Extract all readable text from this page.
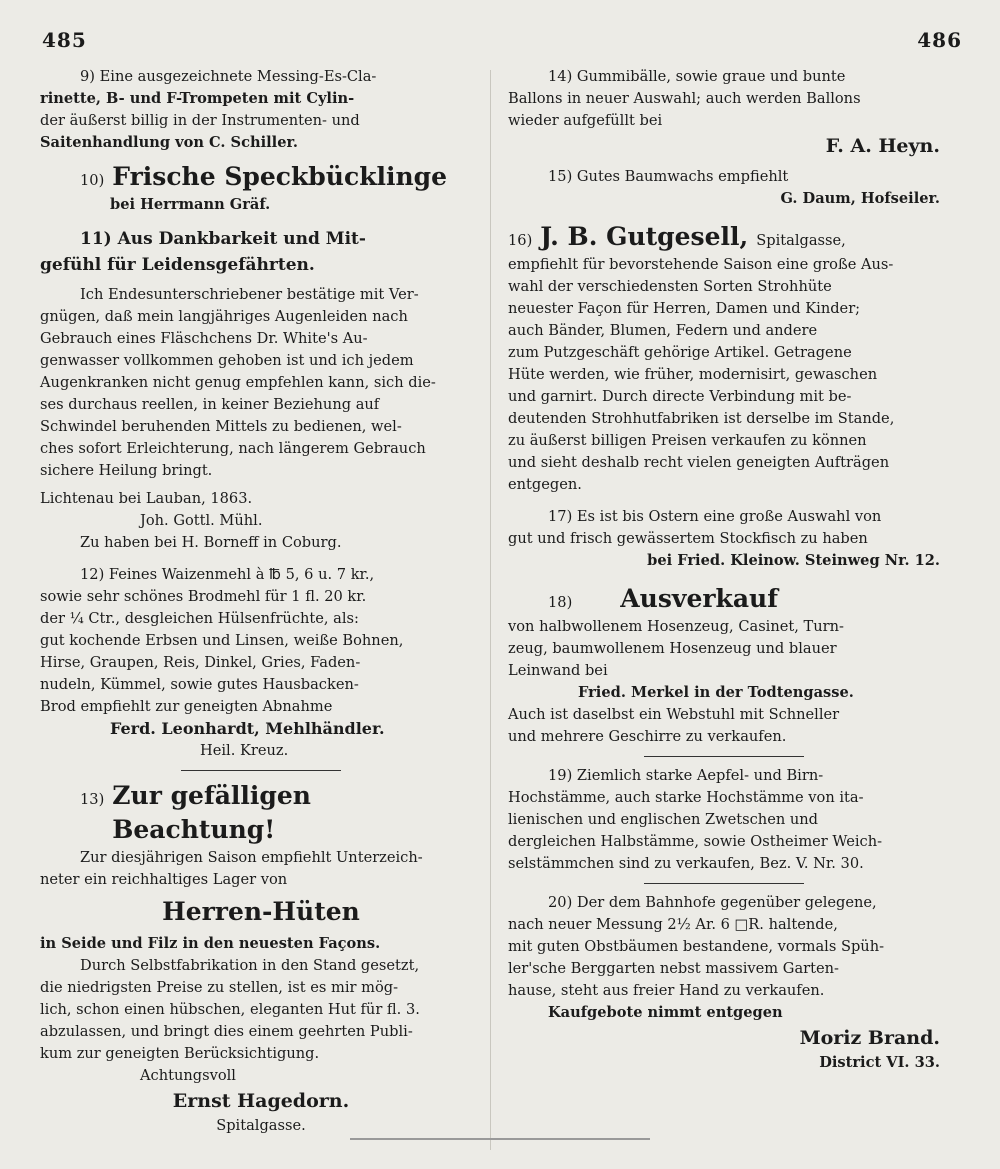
485	486

9) Eine ausgezeichnete Messing-Es-Cla-

rinette, B- und F-Trompeten mit Cylin-

der äußerst billig in der Instrumenten- und

Saitenhandlung von C. Schiller.

10) Frische Speckbücklinge

bei Herrmann Gräf.

11) Aus Dankbarkeit und Mit-

gefühl für Leidensgefährten.

Ich Endesunterschriebener bestätige mit Ver-

gnügen, daß mein langjähriges Augenleiden nach

Gebrauch eines Fläschchens Dr. White's Au-

genwasser vollkommen gehoben ist und ich jedem

Augenkranken nicht genug empfehlen kann, sich die-

ses durchaus reellen, in keiner Beziehung auf

Schwindel beruhenden Mittels zu bedienen, wel-

ches sofort Erleichterung, nach längerem Gebrauch

sichere Heilung bringt.

Lichtenau bei Lauban, 1863.

Joh. Gottl. Mühl.

Zu haben bei H. Borneff in Coburg.

12) Feines Waizenmehl à ℔ 5, 6 u. 7 kr.,

sowie sehr schönes Brodmehl für 1 fl. 20 kr.

der ¼ Ctr., desgleichen Hülsenfrüchte, als:

gut kochende Erbsen und Linsen, weiße Bohnen,

Hirse, Graupen, Reis, Dinkel, Gries, Faden-

nudeln, Kümmel, sowie gutes Hausbacken-

Brod empfiehlt zur geneigten Abnahme

Ferd. Leonhardt, Mehlhändler.

Heil. Kreuz.

13) Zur gefälligen Beachtung!

Zur diesjährigen Saison empfiehlt Unterzeich-

neter ein reichhaltiges Lager von

Herren-Hüten

in Seide und Filz in den neuesten Façons.

Durch Selbstfabrikation in den Stand gesetzt,

die niedrigsten Preise zu stellen, ist es mir mög-

lich, schon einen hübschen, eleganten Hut für fl. 3.

abzulassen, und bringt dies einem geehrten Publi-

kum zur geneigten Berücksichtigung.

Achtungsvoll

Ernst Hagedorn.

Spitalgasse.

14) Gummibälle, sowie graue und bunte

Ballons in neuer Auswahl; auch werden Ballons

wieder aufgefüllt bei

F. A. Heyn.

15) Gutes Baumwachs empfiehlt

G. Daum, Hofseiler.

16) J. B. Gutgesell, Spitalgasse,

empfiehlt für bevorstehende Saison eine große Aus-

wahl der verschiedensten Sorten Strohhüte

neuester Façon für Herren, Damen und Kinder;

auch Bänder, Blumen, Federn und andere

zum Putzgeschäft gehörige Artikel. Getragene

Hüte werden, wie früher, modernisirt, gewaschen

und garnirt. Durch directe Verbindung mit be-

deutenden Strohhutfabriken ist derselbe im Stande,

zu äußerst billigen Preisen verkaufen zu können

und sieht deshalb recht vielen geneigten Aufträgen

entgegen.

17) Es ist bis Ostern eine große Auswahl von

gut und frisch gewässertem Stockfisch zu haben

bei Fried. Kleinow. Steinweg Nr. 12.

18) Ausverkauf

von halbwollenem Hosenzeug, Casinet, Turn-

zeug, baumwollenem Hosenzeug und blauer

Leinwand bei

Fried. Merkel in der Todtengasse.

Auch ist daselbst ein Webstuhl mit Schneller

und mehrere Geschirre zu verkaufen.

19) Ziemlich starke Aepfel- und Birn-

Hochstämme, auch starke Hochstämme von ita-

lienischen und englischen Zwetschen und

dergleichen Halbstämme, sowie Ostheimer Weich-

selstämmchen sind zu verkaufen, Bez. V. Nr. 30.

20) Der dem Bahnhofe gegenüber gelegene,

nach neuer Messung 2½ Ar. 6 □R. haltende,

mit guten Obstbäumen bestandene, vormals Spüh-

ler'sche Berggarten nebst massivem Garten-

hause, steht aus freier Hand zu verkaufen.

Kaufgebote nimmt entgegen

Moriz Brand.

District VI. 33.
